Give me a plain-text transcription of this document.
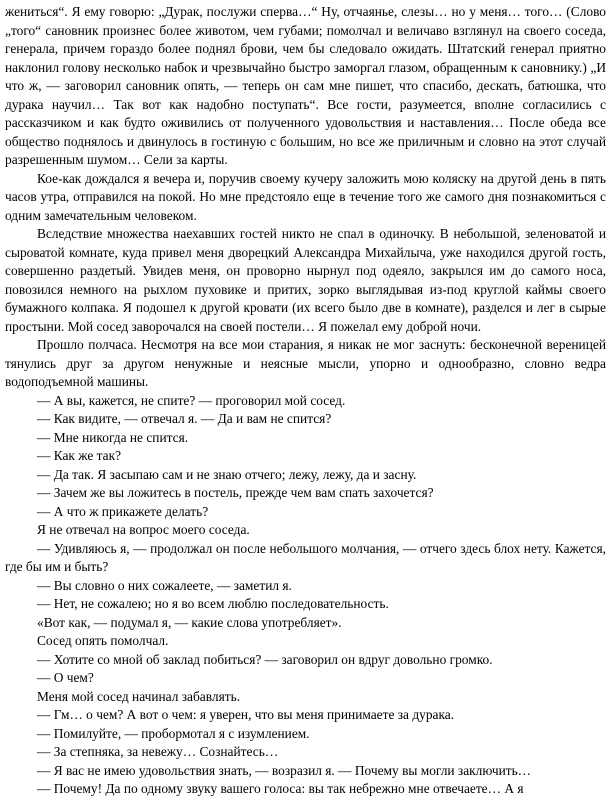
жениться“. Я ему говорю: „Дурак, послужи сперва…“ Ну, отчаянье, слезы… но у меня… того… (Слово „того“ сановник произнес более животом, чем губами; помолчал и величаво взглянул на своего соседа, генерала, причем гораздо более поднял брови, чем бы следовало ожидать. Штатский генерал приятно наклонил голову несколько набок и чрезвычайно быстро заморгал глазом, обращенным к сановнику.) „И что ж, — заговорил сановник опять, — теперь он сам мне пишет, что спасибо, дескать, батюшка, что дурака научил… Так вот как надобно поступать“. Все гости, разумеется, вполне согласились с рассказчиком и как будто оживились от полученного удовольствия и наставления… После обеда все общество поднялось и двинулось в гостиную с большим, но все же приличным и словно на этот случай разрешенным шумом… Сели за карты.

Кое-как дождался я вечера и, поручив своему кучеру заложить мою коляску на другой день в пять часов утра, отправился на покой. Но мне предстояло еще в течение того же самого дня познакомиться с одним замечательным человеком.

Вследствие множества наехавших гостей никто не спал в одиночку. В небольшой, зеленоватой и сыроватой комнате, куда привел меня дворецкий Александра Михайлыча, уже находился другой гость, совершенно раздетый. Увидев меня, он проворно нырнул под одеяло, закрылся им до самого носа, повозился немного на рыхлом пуховике и притих, зорко выглядывая из-под круглой каймы своего бумажного колпака. Я подошел к другой кровати (их всего было две в комнате), разделся и лег в сырые простыни. Мой сосед заворочался на своей постели… Я пожелал ему доброй ночи.

Прошло полчаса. Несмотря на все мои старания, я никак не мог заснуть: бесконечной вереницей тянулись друг за другом ненужные и неясные мысли, упорно и однообразно, словно ведра водоподъемной машины.

— А вы, кажется, не спите? — проговорил мой сосед.

— Как видите, — отвечал я. — Да и вам не спится?

— Мне никогда не спится.

— Как же так?

— Да так. Я засыпаю сам и не знаю отчего; лежу, лежу, да и засну.

— Зачем же вы ложитесь в постель, прежде чем вам спать захочется?

— А что ж прикажете делать?

Я не отвечал на вопрос моего соседа.

— Удивляюсь я, — продолжал он после небольшого молчания, — отчего здесь блох нету. Кажется, где бы им и быть?

— Вы словно о них сожалеете, — заметил я.

— Нет, не сожалею; но я во всем люблю последовательность.

«Вот как, — подумал я, — какие слова употребляет».

Сосед опять помолчал.

— Хотите со мной об заклад побиться? — заговорил он вдруг довольно громко.

— О чем?

Меня мой сосед начинал забавлять.

— Гм… о чем? А вот о чем: я уверен, что вы меня принимаете за дурака.

— Помилуйте, — пробормотал я с изумлением.

— За степняка, за невежу… Сознайтесь…

— Я вас не имею удовольствия знать, — возразил я. — Почему вы могли заключить…

— Почему! Да по одному звуку вашего голоса: вы так небрежно мне отвечаете… А я
